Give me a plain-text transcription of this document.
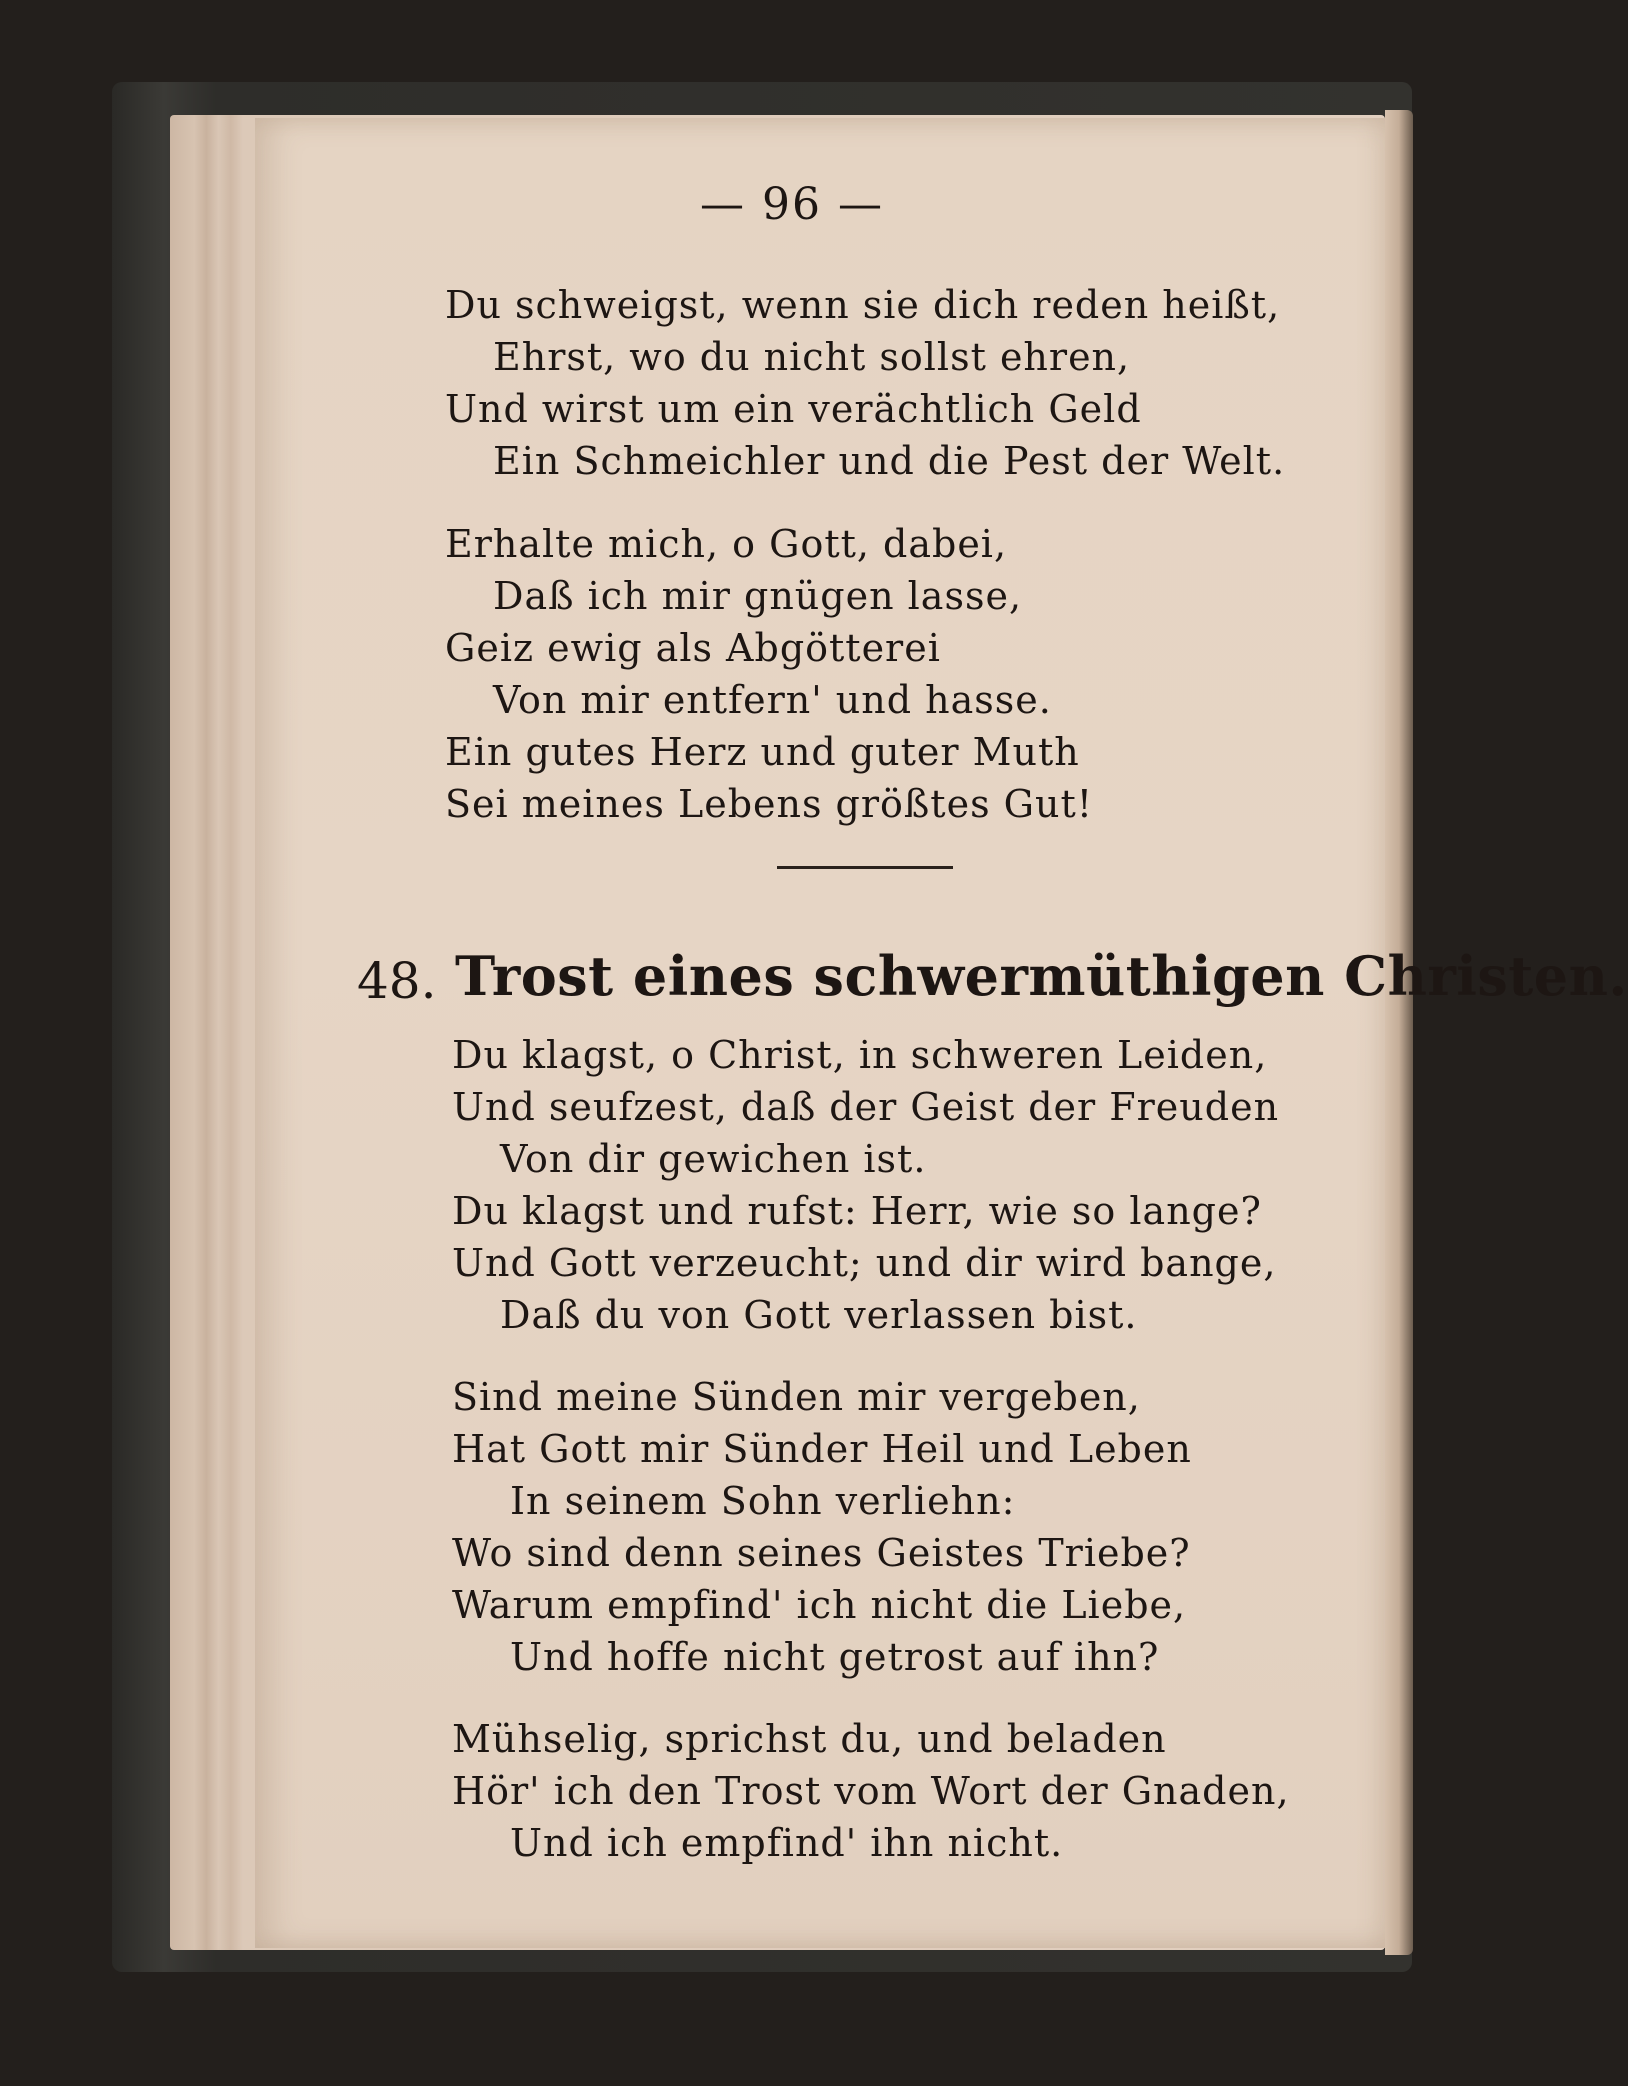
— 96 —
Du schweigst, wenn sie dich reden heißt,
Ehrst, wo du nicht sollst ehren,
Und wirst um ein verächtlich Geld
Ein Schmeichler und die Pest der Welt.
Erhalte mich, o Gott, dabei,
Daß ich mir gnügen lasse,
Geiz ewig als Abgötterei
Von mir entfern' und hasse.
Ein gutes Herz und guter Muth
Sei meines Lebens größtes Gut!
48. Trost eines schwermüthigen Christen.
Du klagst, o Christ, in schweren Leiden,
Und seufzest, daß der Geist der Freuden
Von dir gewichen ist.
Du klagst und rufst: Herr, wie so lange?
Und Gott verzeucht; und dir wird bange,
Daß du von Gott verlassen bist.
Sind meine Sünden mir vergeben,
Hat Gott mir Sünder Heil und Leben
In seinem Sohn verliehn:
Wo sind denn seines Geistes Triebe?
Warum empfind' ich nicht die Liebe,
Und hoffe nicht getrost auf ihn?
Mühselig, sprichst du, und beladen
Hör' ich den Trost vom Wort der Gnaden,
Und ich empfind' ihn nicht.
